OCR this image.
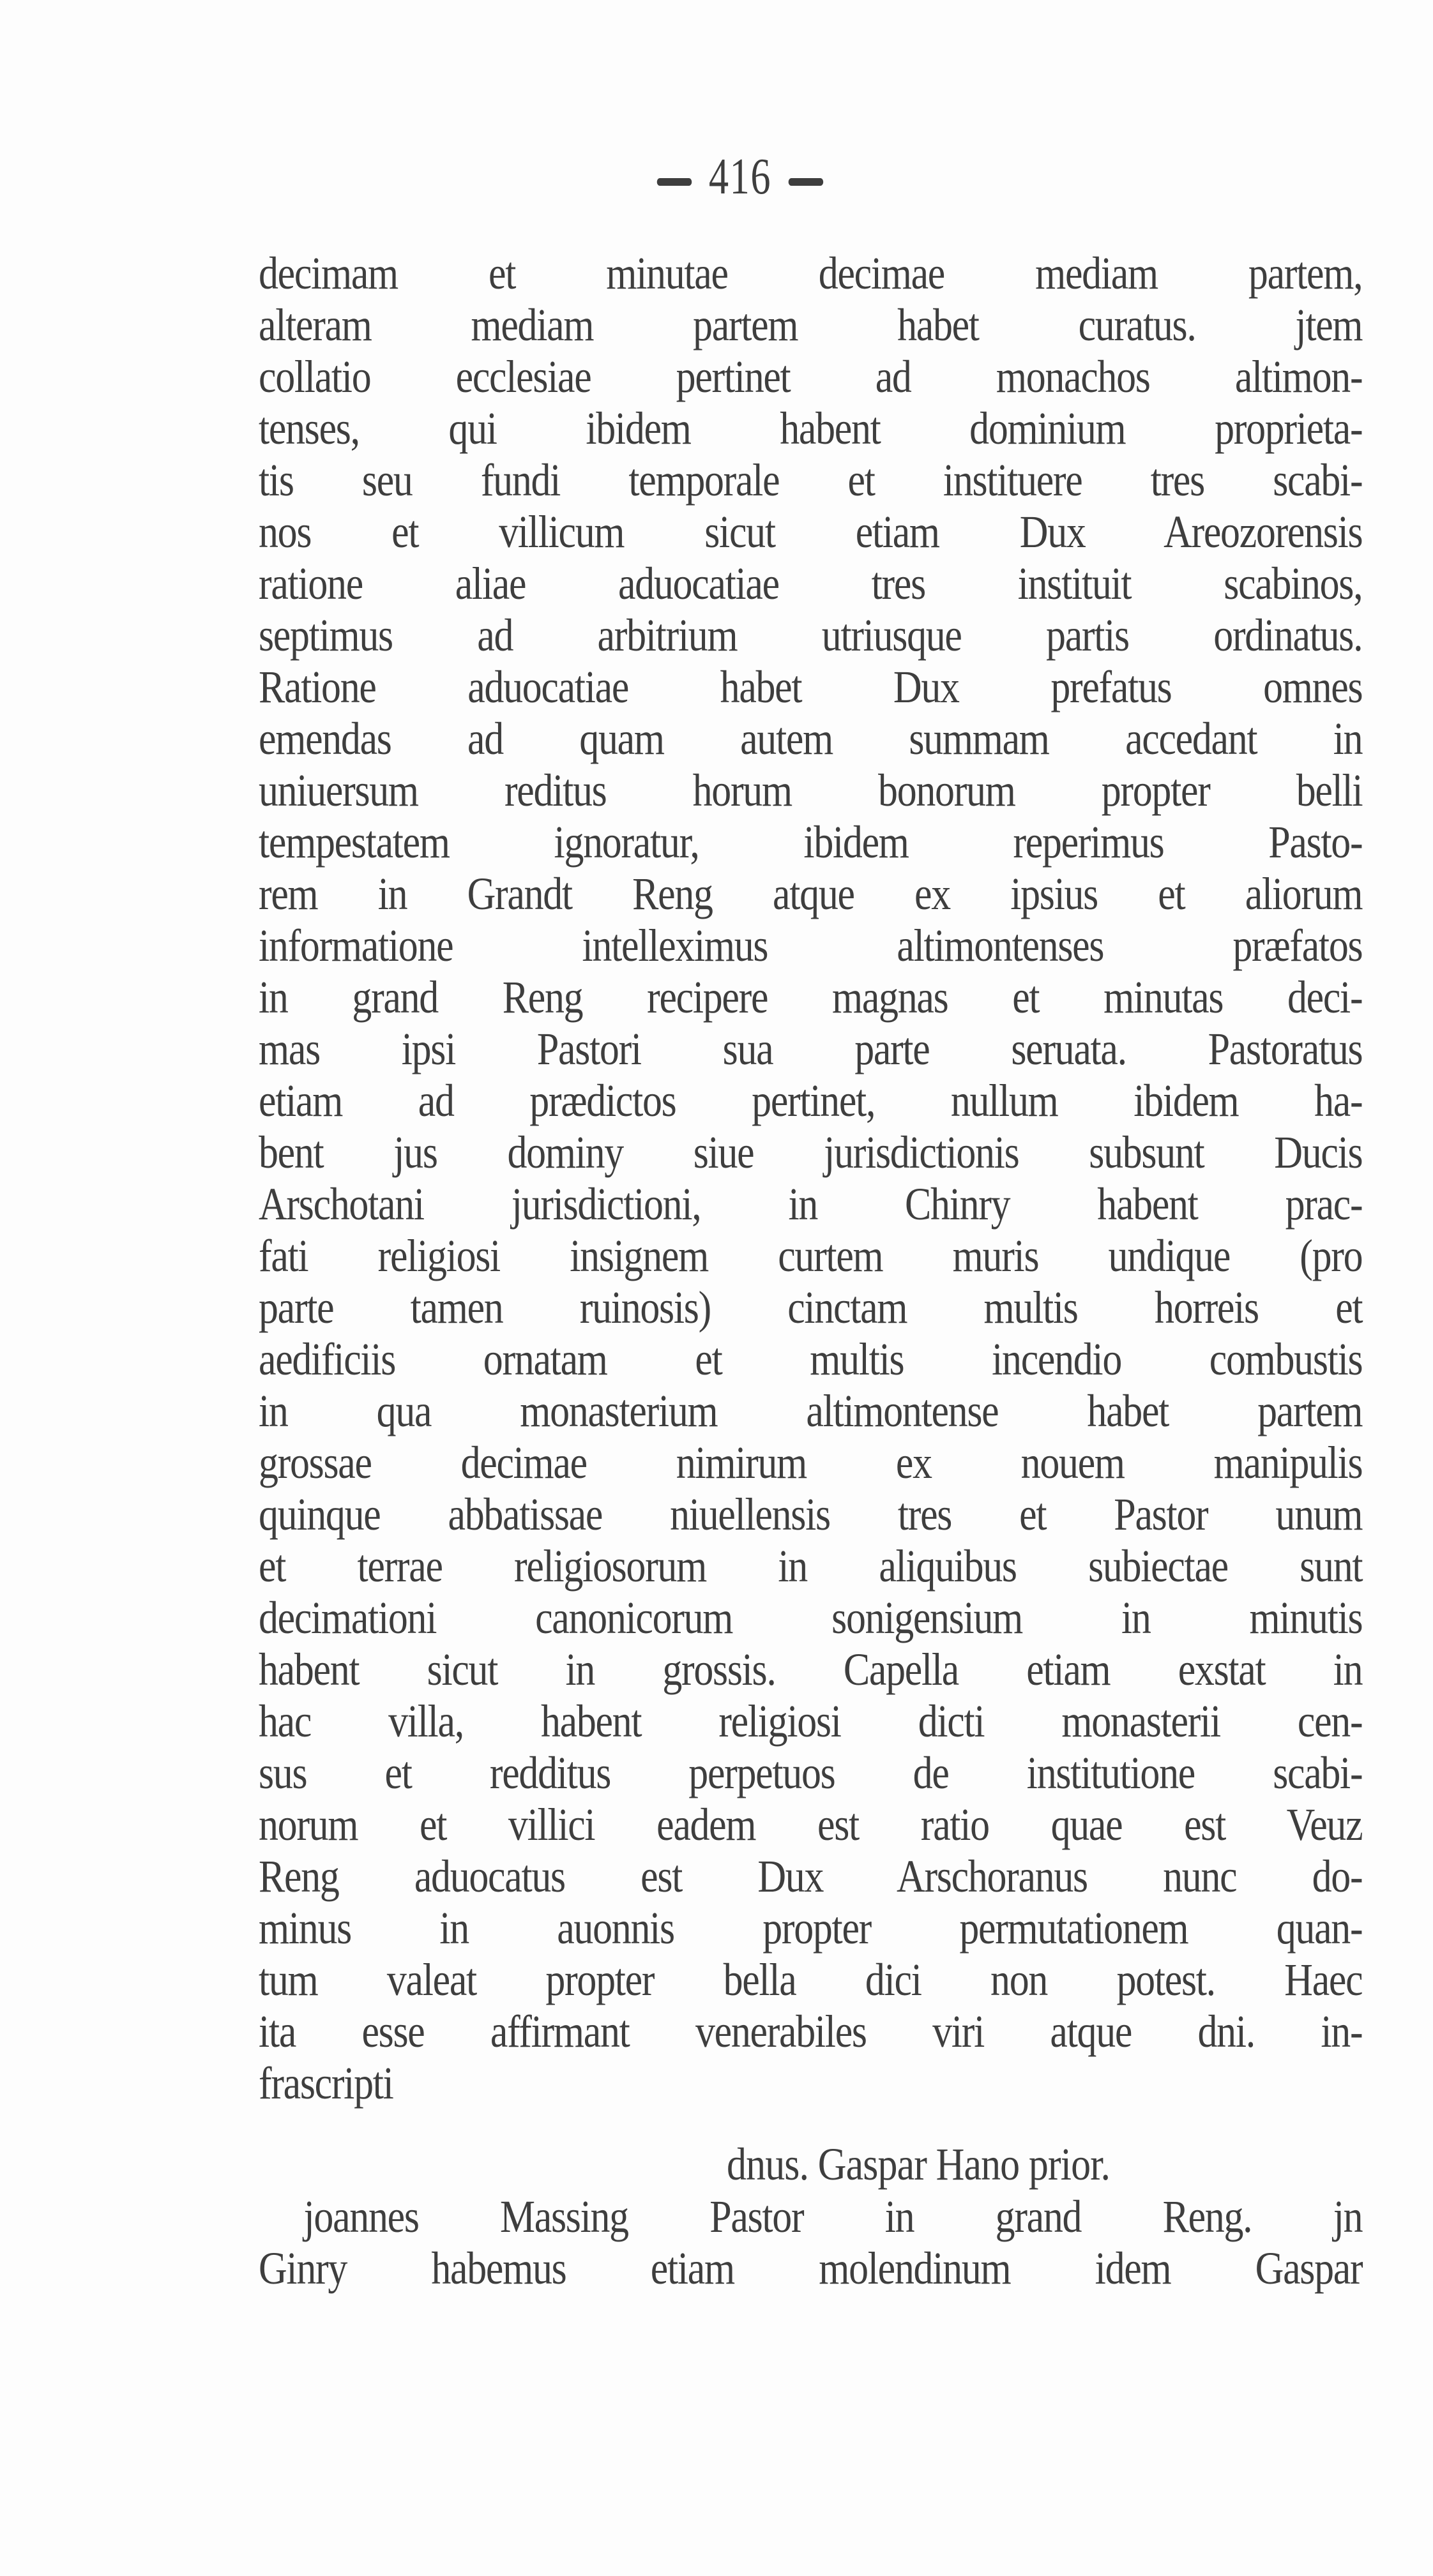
416
decimam et minutae decimae mediam partem,
alteram mediam partem habet curatus. jtem
collatio ecclesiae pertinet ad monachos altimon-
tenses, qui ibidem habent dominium proprieta-
tis seu fundi temporale et instituere tres scabi-
nos et villicum sicut etiam Dux Areozorensis
ratione aliae aduocatiae tres instituit scabinos,
septimus ad arbitrium utriusque partis ordinatus.
Ratione aduocatiae habet Dux prefatus omnes
emendas ad quam autem summam accedant in
uniuersum reditus horum bonorum propter belli
tempestatem ignoratur, ibidem reperimus Pasto-
rem in Grandt Reng atque ex ipsius et aliorum
informatione intelleximus altimontenses præfatos
in grand Reng recipere magnas et minutas deci-
mas ipsi Pastori sua parte seruata. Pastoratus
etiam ad prædictos pertinet, nullum ibidem ha-
bent jus dominy siue jurisdictionis subsunt Ducis
Arschotani jurisdictioni, in Chinry habent prac-
fati religiosi insignem curtem muris undique (pro
parte tamen ruinosis) cinctam multis horreis et
aedificiis ornatam et multis incendio combustis
in qua monasterium altimontense habet partem
grossae decimae nimirum ex nouem manipulis
quinque abbatissae niuellensis tres et Pastor unum
et terrae religiosorum in aliquibus subiectae sunt
decimationi canonicorum sonigensium in minutis
habent sicut in grossis. Capella etiam exstat in
hac villa, habent religiosi dicti monasterii cen-
sus et redditus perpetuos de institutione scabi-
norum et villici eadem est ratio quae est Veuz
Reng aduocatus est Dux Arschoranus nunc do-
minus in auonnis propter permutationem quan-
tum valeat propter bella dici non potest. Haec
ita esse affirmant venerabiles viri atque dni. in-
frascripti
dnus. Gaspar Hano prior.
joannes Massing Pastor in grand Reng. jn
Ginry habemus etiam molendinum idem Gaspar
